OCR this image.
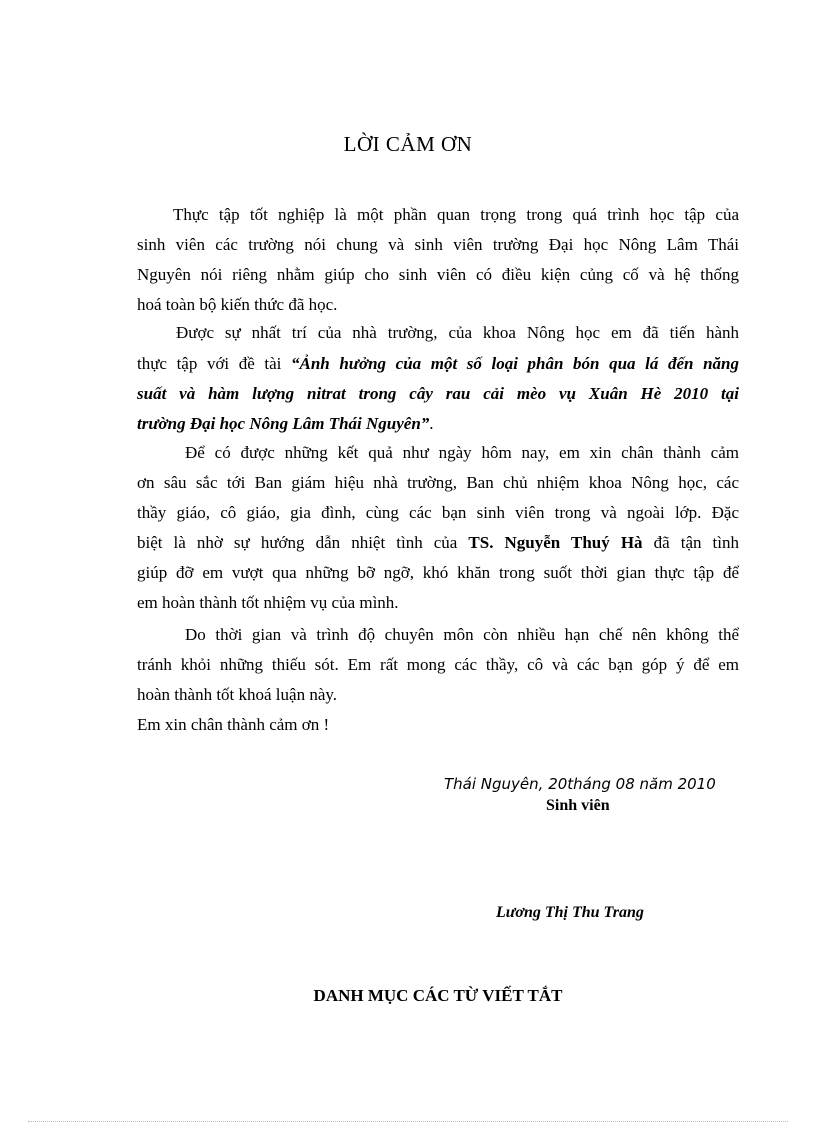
LỜI CẢM ƠN
Thực tập tốt nghiệp là một phần quan trọng trong quá trình học tập của
sinh viên các trường nói chung và sinh viên trường Đại học Nông Lâm Thái
Nguyên nói riêng nhằm giúp cho sinh viên có điều kiện củng cố và hệ thống
hoá toàn bộ kiến thức đã học.
Được sự nhất trí của nhà trường, của khoa Nông học em đã tiến hành
thực tập với đề tài “Ảnh hưởng của một số loại phân bón qua lá đến năng
suất và hàm lượng nitrat trong cây rau cải mèo vụ Xuân Hè 2010 tại
trường Đại học Nông Lâm Thái Nguyên”.
Để có được những kết quả như ngày hôm nay, em xin chân thành cảm
ơn sâu sắc tới Ban giám hiệu nhà trường, Ban chủ nhiệm khoa Nông học, các
thầy giáo, cô giáo, gia đình, cùng các bạn sinh viên trong và ngoài lớp. Đặc
biệt là nhờ sự hướng dẫn nhiệt tình của TS. Nguyễn Thuý Hà đã tận tình
giúp đỡ em vượt qua những bỡ ngỡ, khó khăn trong suốt thời gian thực tập để
em hoàn thành tốt nhiệm vụ của mình.
Do thời gian và trình độ chuyên môn còn nhiều hạn chế nên không thể
tránh khỏi những thiếu sót. Em rất mong các thầy, cô và các bạn góp ý để em
hoàn thành tốt khoá luận này.
Em xin chân thành cảm ơn !
Thái Nguyên, 20tháng 08 năm 2010
Sinh viên
Lương Thị Thu Trang
DANH MỤC CÁC TỪ VIẾT TẮT
